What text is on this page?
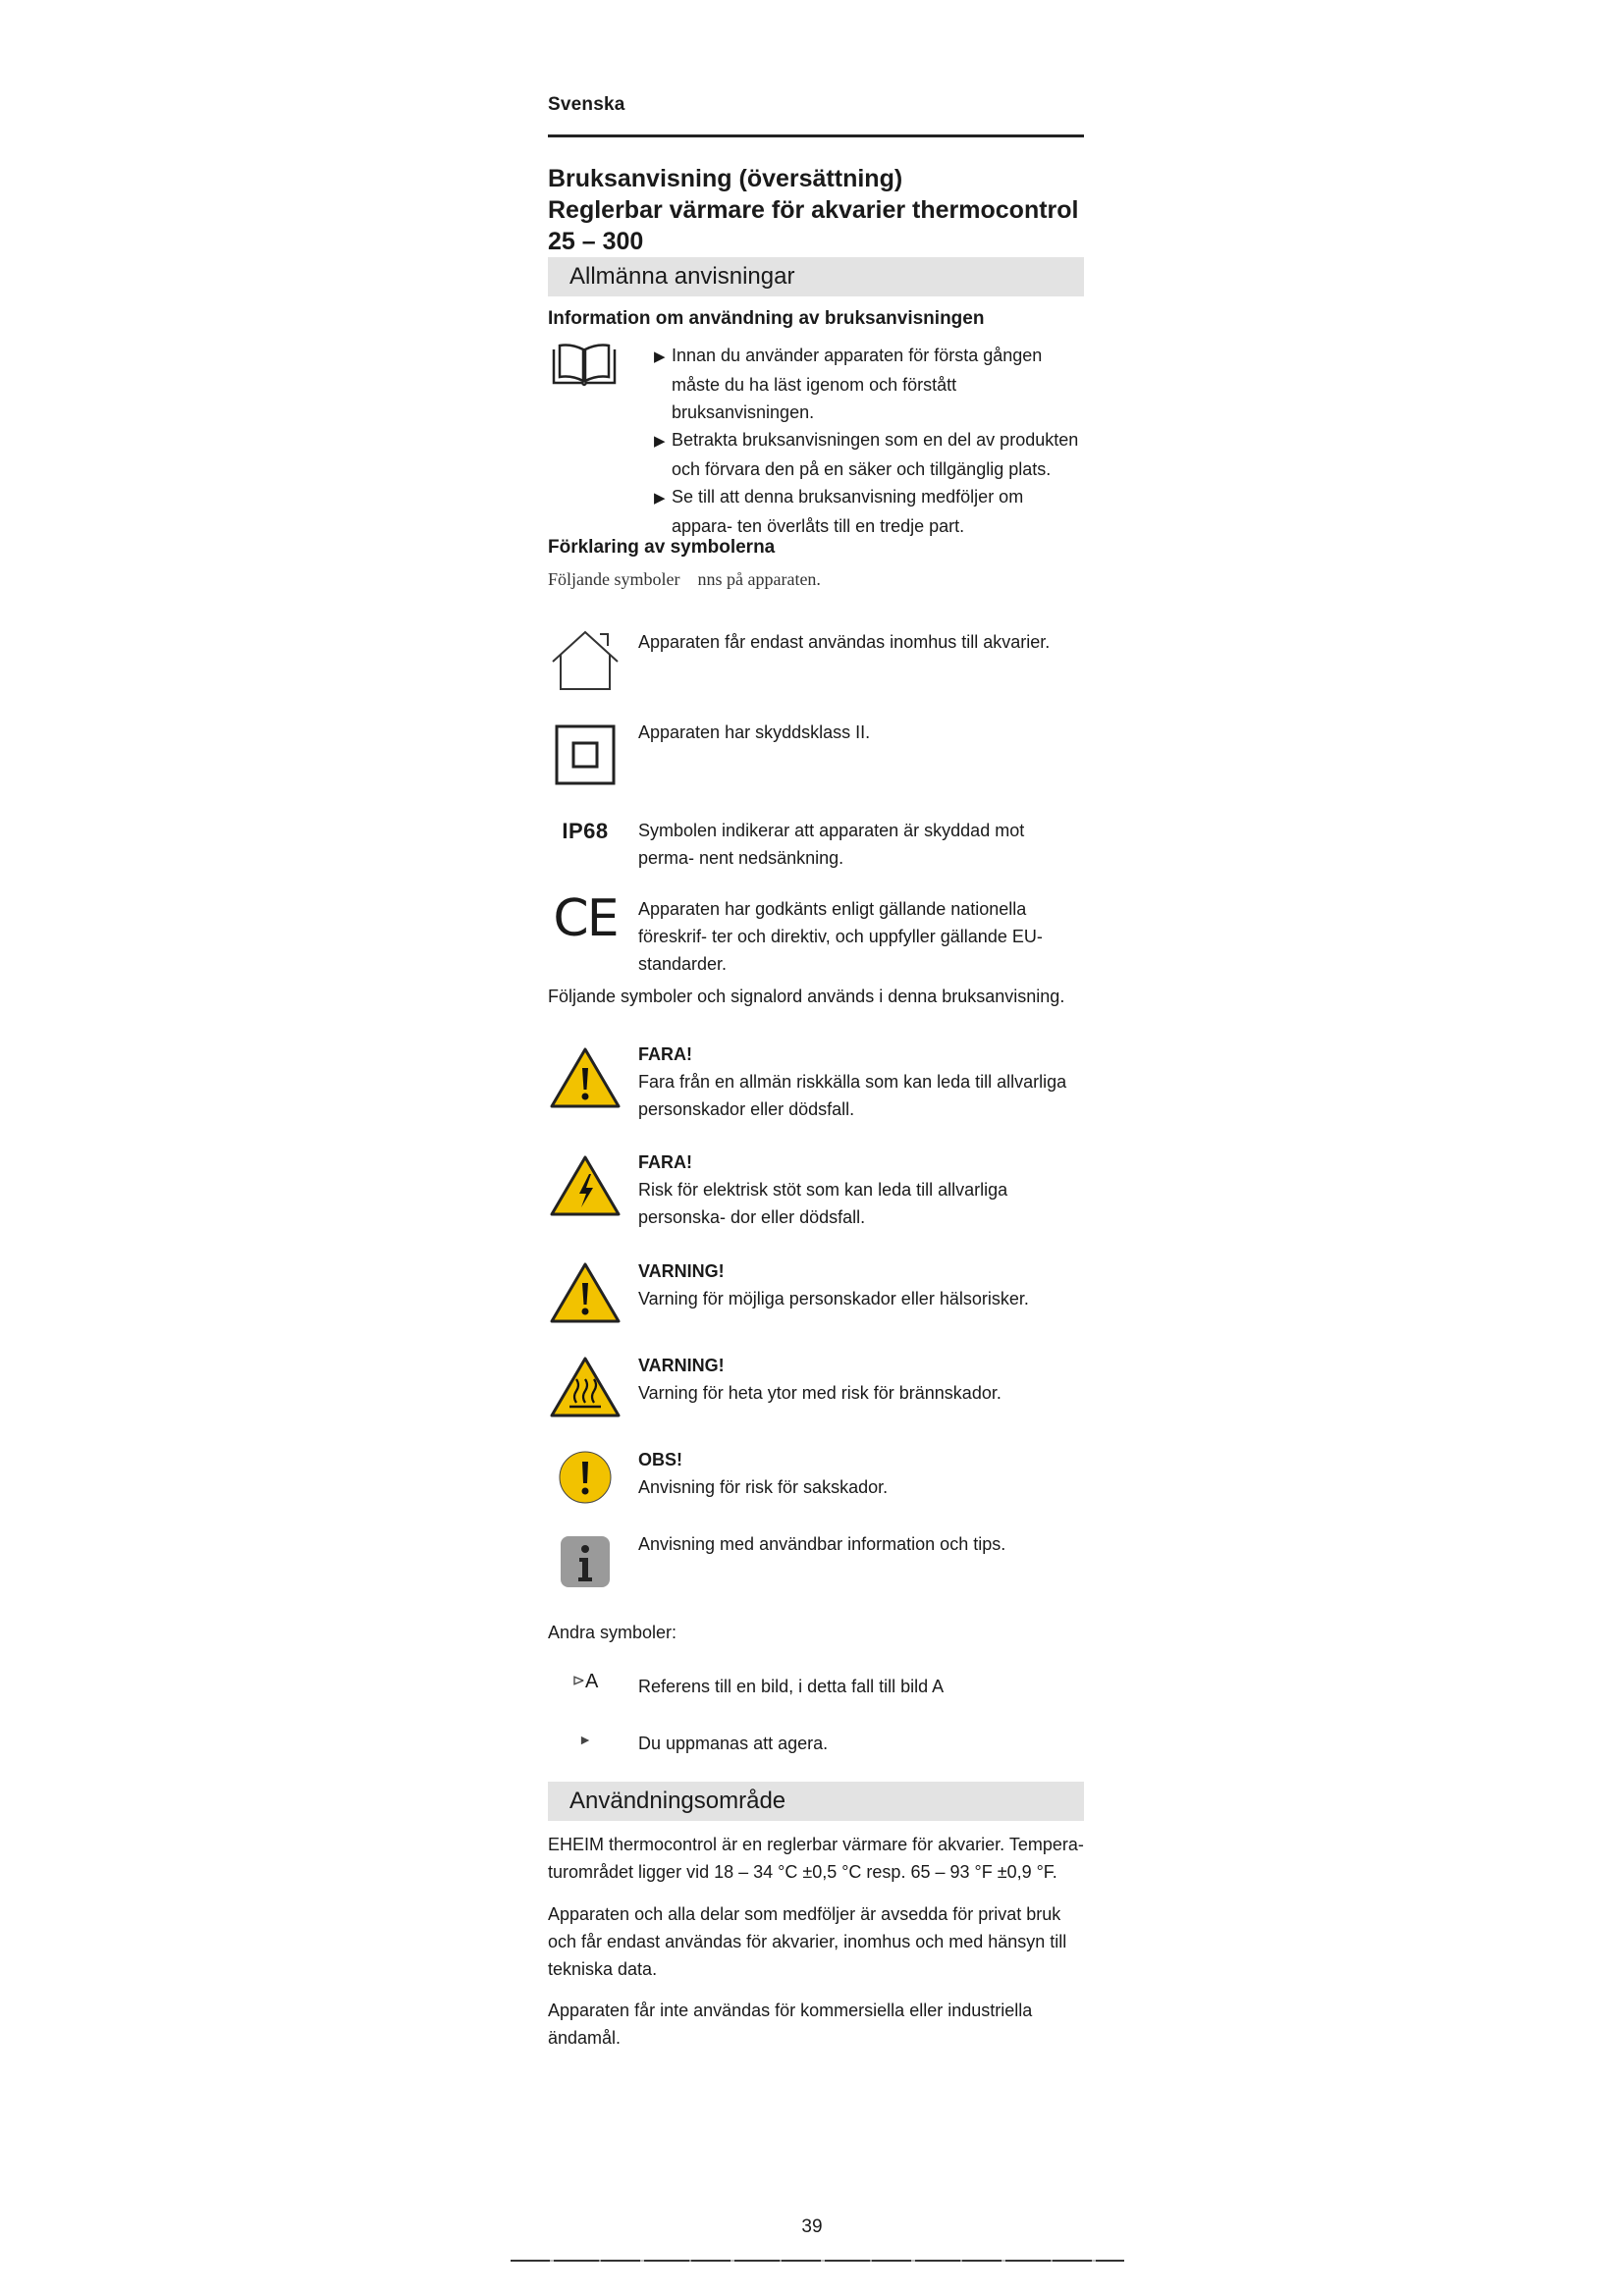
Svenska
Bruksanvisning (översättning)
Reglerbar värmare för akvarier thermocontrol 25 – 300
Allmänna anvisningar
Information om användning av bruksanvisningen
▶ Innan du använder apparaten för första gången måste du ha läst igenom och förstått bruksanvisningen.
▶ Betrakta bruksanvisningen som en del av produkten och förvara den på en säker och tillgänglig plats.
▶ Se till att denna bruksanvisning medföljer om appara- ten överlåts till en tredje part.
Förklaring av symbolerna
Följande symboler    nns på apparaten.
Apparaten får endast användas inomhus till akvarier.
Apparaten har skyddsklass II.
IP68	Symbolen indikerar att apparaten är skyddad mot perma- nent nedsänkning.
CE	Apparaten har godkänts enligt gällande nationella föreskrif- ter och direktiv, och uppfyller gällande EU-standarder.
Följande symboler och signalord används i denna bruksanvisning.
FARA!
Fara från en allmän riskkälla som kan leda till allvarliga personskador eller dödsfall.
FARA!
Risk för elektrisk stöt som kan leda till allvarliga personska- dor eller dödsfall.
VARNING!
Varning för möjliga personskador eller hälsorisker.
VARNING!
Varning för heta ytor med risk för brännskador.
OBS!
Anvisning för risk för sakskador.
Anvisning med användbar information och tips.
Andra symboler:
⊳ A Referens till en bild, i detta fall till bild A
►	Du uppmanas att agera.
Användningsområde
EHEIM thermocontrol är en reglerbar värmare för akvarier. Tempera- turområdet ligger vid 18 – 34 °C ±0,5 °C resp. 65 – 93 °F ±0,9 °F.
Apparaten och alla delar som medföljer är avsedda för privat bruk och får endast användas för akvarier, inomhus och med hänsyn till tekniska data.
Apparaten får inte användas för kommersiella eller industriella ändamål.
39
